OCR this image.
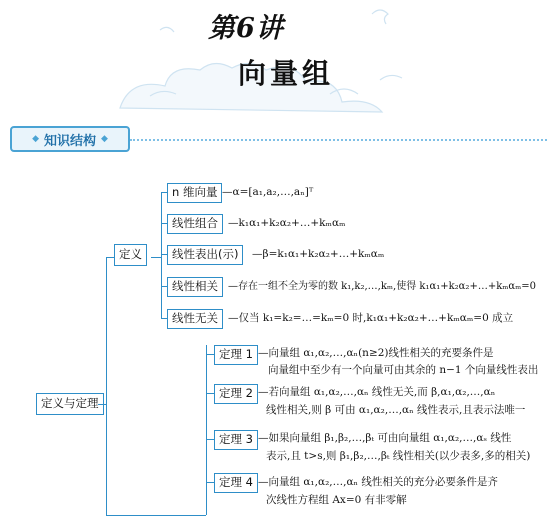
第6讲
向量组
◆ 知识结构 ◆
定义与定理
定义
n 维向量 —α=[a₁,a₂,…,aₙ]ᵀ
线性组合 —k₁α₁+k₂α₂+…+kₘαₘ
线性表出(示)	—β=k₁α₁+k₂α₂+…+kₘαₘ
线性相关	—存在一组不全为零的数 k₁,k₂,…,kₘ,使得 k₁α₁+k₂α₂+…+kₘαₘ=0
线性无关 —仅当 k₁=k₂=…=kₘ=0 时,k₁α₁+k₂α₂+…+kₘαₘ=0 成立
定理 1 —向量组 α₁,α₂,…,αₙ(n≥2)线性相关的充要条件是
向量组中至少有一个向量可由其余的 n−1 个向量线性表出
定理 2 —若向量组 α₁,α₂,…,αₙ 线性无关,而 β,α₁,α₂,…,αₙ
线性相关,则 β 可由 α₁,α₂,…,αₙ 线性表示,且表示法唯一
定理 3 —如果向量组 β₁,β₂,…,βₜ 可由向量组 α₁,α₂,…,αₛ 线性
表示,且 t>s,则 β₁,β₂,…,βₜ 线性相关(以少表多,多的相关)
定理 4 —向量组 α₁,α₂,…,αₙ 线性相关的充分必要条件是齐
次线性方程组 Ax=0 有非零解
